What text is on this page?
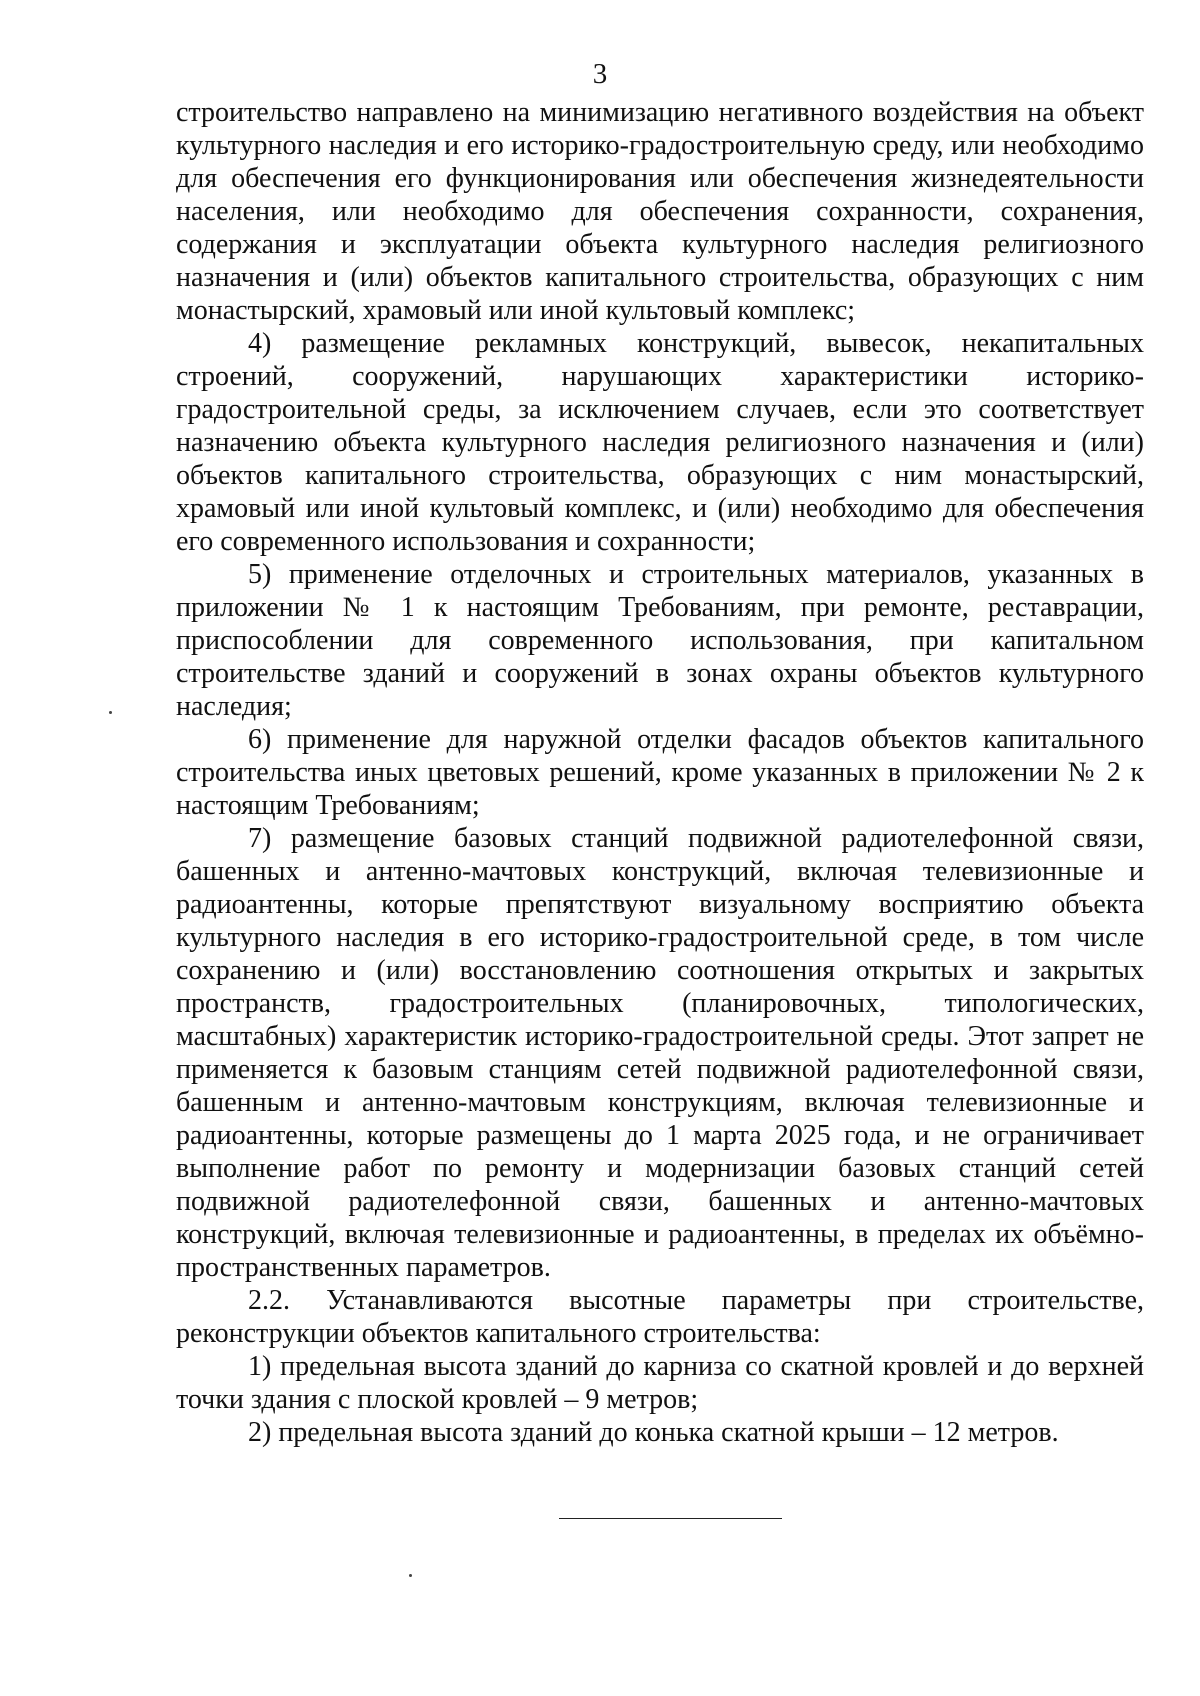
3

строительство направлено на минимизацию негативного воздействия на объект культурного наследия и его историко-градостроительную среду, или необходимо для обеспечения его функционирования или обеспечения жизнедеятельности населения, или необходимо для обеспечения сохранности, сохранения, содержания и эксплуатации объекта культурного наследия религиозного назначения и (или) объектов капитального строительства, образующих с ним монастырский, храмовый или иной культовый комплекс;

4) размещение рекламных конструкций, вывесок, некапитальных строений, сооружений, нарушающих характеристики историко-градостроительной среды, за исключением случаев, если это соответствует назначению объекта культурного наследия религиозного назначения и (или) объектов капитального строительства, образующих с ним монастырский, храмовый или иной культовый комплекс, и (или) необходимо для обеспечения его современного использования и сохранности;

5) применение отделочных и строительных материалов, указанных в приложении № 1 к настоящим Требованиям, при ремонте, реставрации, приспособлении для современного использования, при капитальном строительстве зданий и сооружений в зонах охраны объектов культурного наследия;

6) применение для наружной отделки фасадов объектов капитального строительства иных цветовых решений, кроме указанных в приложении № 2 к настоящим Требованиям;

7) размещение базовых станций подвижной радиотелефонной связи, башенных и антенно-мачтовых конструкций, включая телевизионные и радиоантенны, которые препятствуют визуальному восприятию объекта культурного наследия в его историко-градостроительной среде, в том числе сохранению и (или) восстановлению соотношения открытых и закрытых пространств, градостроительных (планировочных, типологических, масштабных) характеристик историко-градостроительной среды. Этот запрет не применяется к базовым станциям сетей подвижной радиотелефонной связи, башенным и антенно-мачтовым конструкциям, включая телевизионные и радиоантенны, которые размещены до 1 марта 2025 года, и не ограничивает выполнение работ по ремонту и модернизации базовых станций сетей подвижной радиотелефонной связи, башенных и антенно-мачтовых конструкций, включая телевизионные и радиоантенны, в пределах их объёмно-пространственных параметров.

2.2. Устанавливаются высотные параметры при строительстве, реконструкции объектов капитального строительства:

1) предельная высота зданий до карниза со скатной кровлей и до верхней точки здания с плоской кровлей – 9 метров;

2) предельная высота зданий до конька скатной крыши – 12 метров.
